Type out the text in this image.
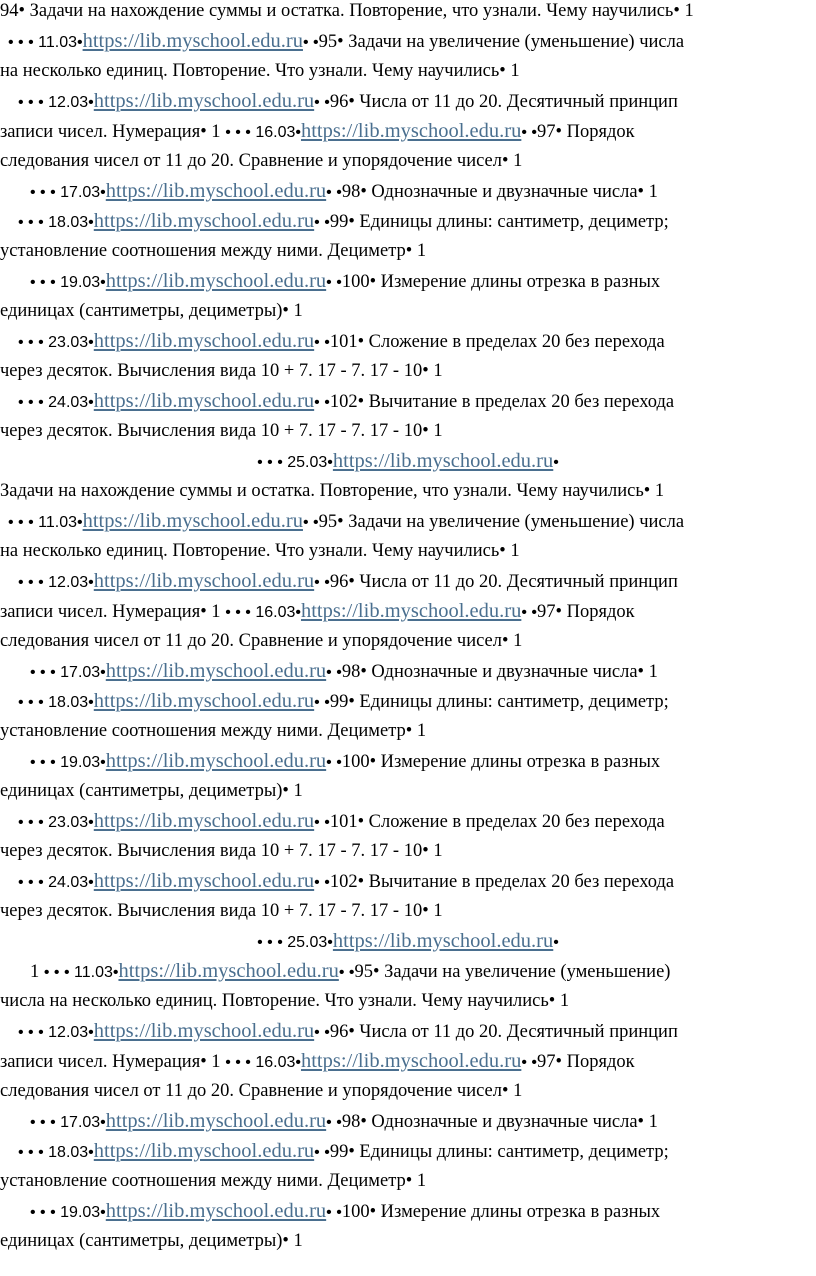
94• Задачи на нахождение суммы и остатка. Повторение, что узнали. Чему научились• 1
• • • 11.03•https://lib.myschool.edu.ru• •95• Задачи на увеличение (уменьшение) числа
на несколько единиц. Повторение. Что узнали. Чему научились• 1
• • • 12.03•https://lib.myschool.edu.ru• •96• Числа от 11 до 20. Десятичный принцип
записи чисел. Нумерация• 1 • • • 16.03•https://lib.myschool.edu.ru• •97• Порядок
следования чисел от 11 до 20. Сравнение и упорядочение чисел• 1
• • • 17.03•https://lib.myschool.edu.ru• •98• Однозначные и двузначные числа• 1
• • • 18.03•https://lib.myschool.edu.ru• •99• Единицы длины: сантиметр, дециметр;
установление соотношения между ними. Дециметр• 1
• • • 19.03•https://lib.myschool.edu.ru• •100• Измерение длины отрезка в разных
единицах (сантиметры, дециметры)• 1
• • • 23.03•https://lib.myschool.edu.ru• •101• Сложение в пределах 20 без перехода
через десяток. Вычисления вида 10 + 7. 17 - 7. 17 - 10• 1
• • • 24.03•https://lib.myschool.edu.ru• •102• Вычитание в пределах 20 без перехода
через десяток. Вычисления вида 10 + 7. 17 - 7. 17 - 10• 1
• • • 25.03•https://lib.myschool.edu.ru•
Задачи на нахождение суммы и остатка. Повторение, что узнали. Чему научились• 1
• • • 11.03•https://lib.myschool.edu.ru• •95• Задачи на увеличение (уменьшение) числа
на несколько единиц. Повторение. Что узнали. Чему научились• 1
• • • 12.03•https://lib.myschool.edu.ru• •96• Числа от 11 до 20. Десятичный принцип
записи чисел. Нумерация• 1 • • • 16.03•https://lib.myschool.edu.ru• •97• Порядок
следования чисел от 11 до 20. Сравнение и упорядочение чисел• 1
• • • 17.03•https://lib.myschool.edu.ru• •98• Однозначные и двузначные числа• 1
• • • 18.03•https://lib.myschool.edu.ru• •99• Единицы длины: сантиметр, дециметр;
установление соотношения между ними. Дециметр• 1
• • • 19.03•https://lib.myschool.edu.ru• •100• Измерение длины отрезка в разных
единицах (сантиметры, дециметры)• 1
• • • 23.03•https://lib.myschool.edu.ru• •101• Сложение в пределах 20 без перехода
через десяток. Вычисления вида 10 + 7. 17 - 7. 17 - 10• 1
• • • 24.03•https://lib.myschool.edu.ru• •102• Вычитание в пределах 20 без перехода
через десяток. Вычисления вида 10 + 7. 17 - 7. 17 - 10• 1
• • • 25.03•https://lib.myschool.edu.ru•
1 • • • 11.03•https://lib.myschool.edu.ru• •95• Задачи на увеличение (уменьшение)
числа на несколько единиц. Повторение. Что узнали. Чему научились• 1
• • • 12.03•https://lib.myschool.edu.ru• •96• Числа от 11 до 20. Десятичный принцип
записи чисел. Нумерация• 1 • • • 16.03•https://lib.myschool.edu.ru• •97• Порядок
следования чисел от 11 до 20. Сравнение и упорядочение чисел• 1
• • • 17.03•https://lib.myschool.edu.ru• •98• Однозначные и двузначные числа• 1
• • • 18.03•https://lib.myschool.edu.ru• •99• Единицы длины: сантиметр, дециметр;
установление соотношения между ними. Дециметр• 1
• • • 19.03•https://lib.myschool.edu.ru• •100• Измерение длины отрезка в разных
единицах (сантиметры, дециметры)• 1
